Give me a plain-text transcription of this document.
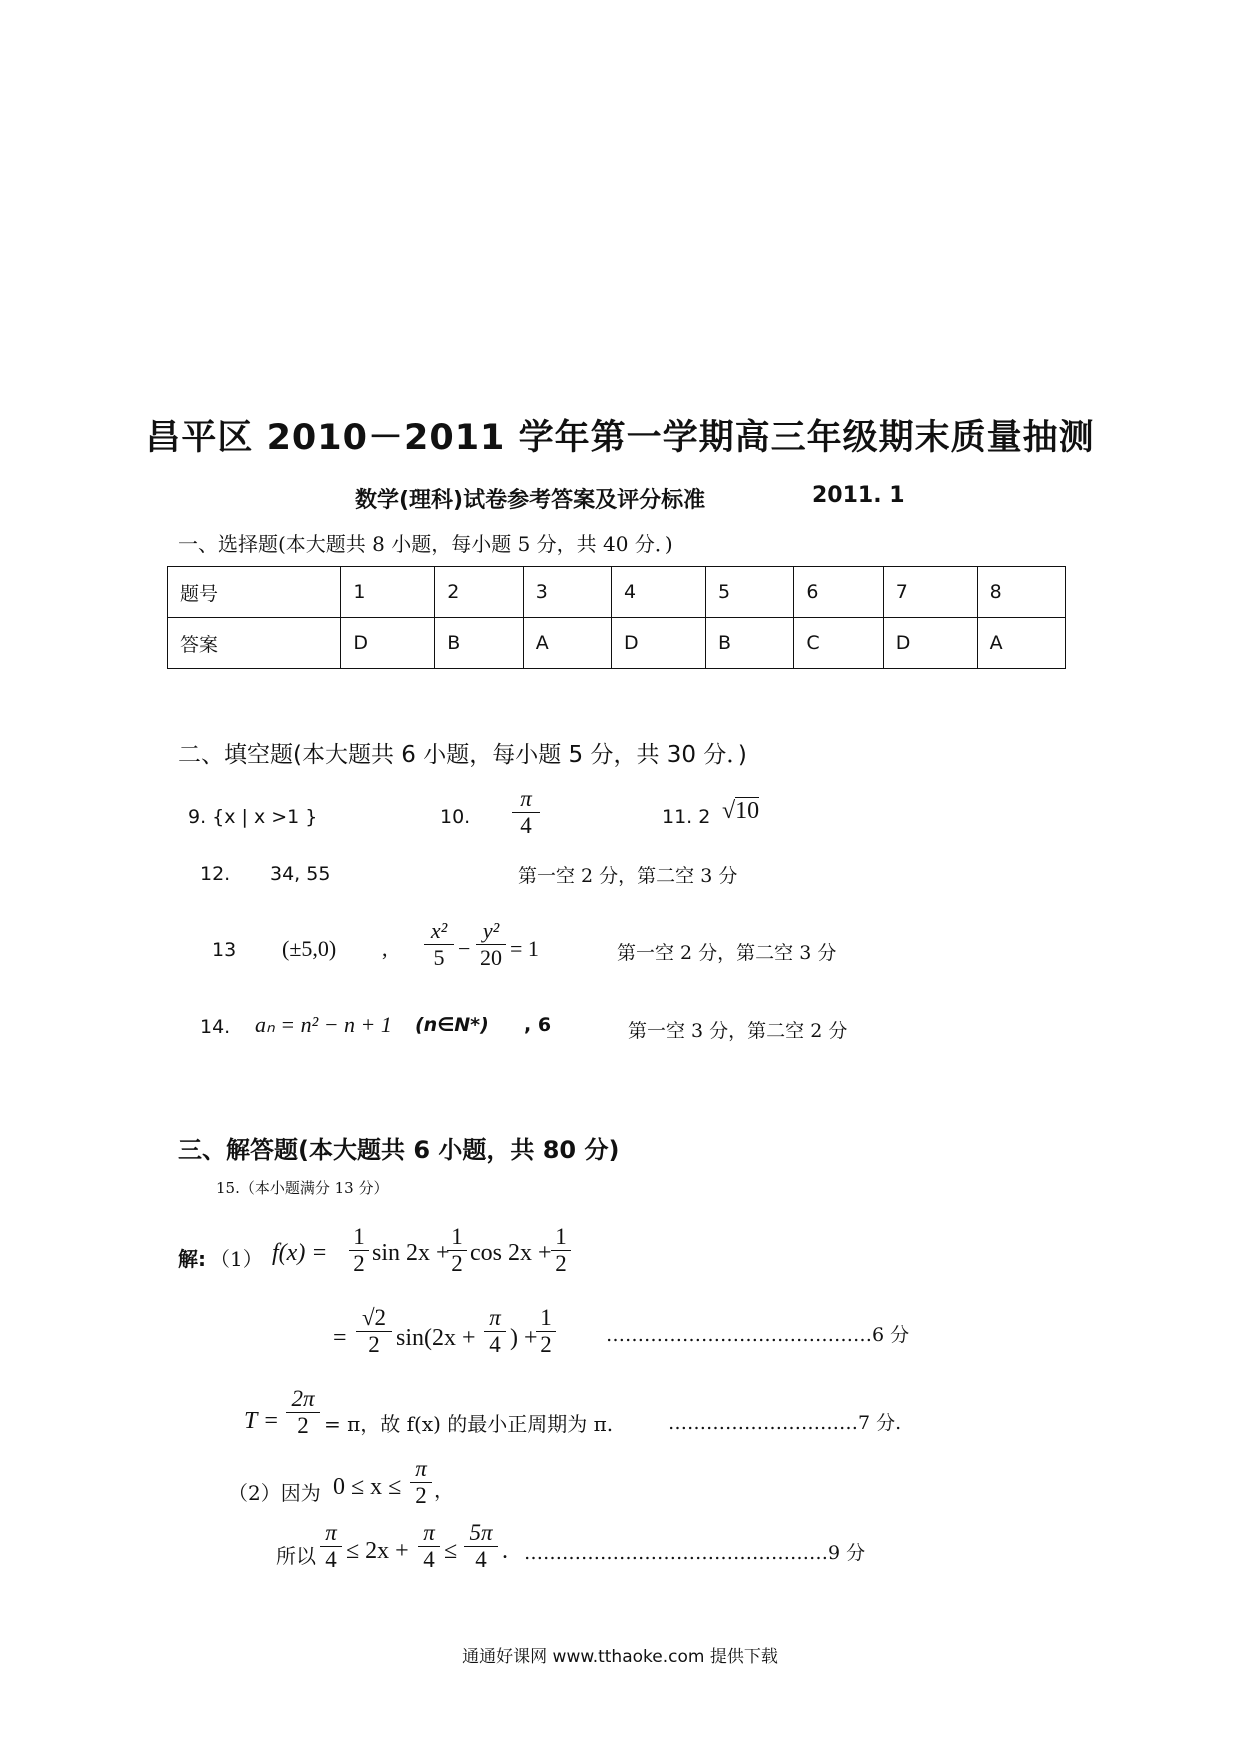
昌平区 2010－2011 学年第一学期高三年级期末质量抽测
数学(理科)试卷参考答案及评分标准	2011. 1
一、选择题(本大题共 8 小题，每小题 5 分，共 40 分．)
题号	1	2	3	4	5	6	7	8
答案	D	B	A	D	B	C	D	A
二、填空题(本大题共 6 小题，每小题 5 分，共 30 分．)
9. {x | x >1 }	10.
π
4	11. 2 √10
12. 34, 55	第一空 2 分，第二空 3 分
13 (±5,0) ,
x²
5 −
y²
20 = 1	第一空 2 分，第二空 3 分
14. aₙ = n² − n + 1 (n∈N*) , 6	第一空 3 分，第二空 2 分
三、解答题(本大题共 6 小题，共 80 分)
15.（本小题满分 13 分）
解: （1） f(x) =
1
2 sin 2x +
1
2 cos 2x +
1
2
=
√2
2 sin(2x +
π
4 ) +
1
2	……………………………………6 分
T =
2π
2 = π，故 f(x) 的最小正周期为 π.	…………………………7 分.
（2）因为 0 ≤ x ≤
π
2 ，
所以
π
4 ≤ 2x +
π
4 ≤
5π
4 . …………………………………………9 分
通通好课网 www.tthaoke.com 提供下载
